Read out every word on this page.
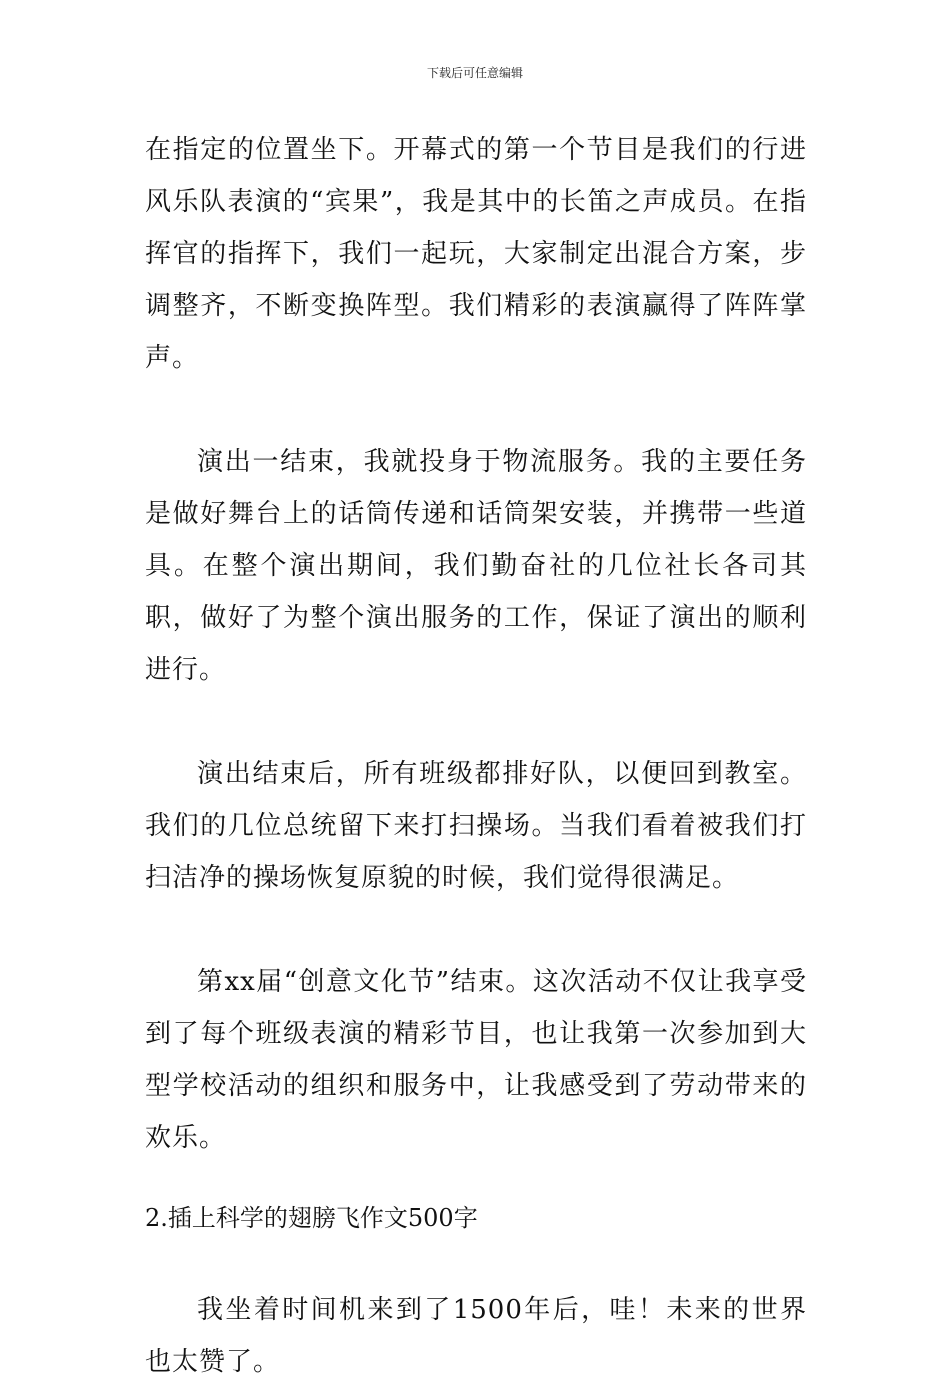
下载后可任意编辑

在指定的位置坐下。开幕式的第一个节目是我们的行进风乐队表演的“宾果”，我是其中的长笛之声成员。在指挥官的指挥下，我们一起玩，大家制定出混合方案，步调整齐，不断变换阵型。我们精彩的表演赢得了阵阵掌声。

演出一结束，我就投身于物流服务。我的主要任务是做好舞台上的话筒传递和话筒架安装，并携带一些道具。在整个演出期间，我们勤奋社的几位社长各司其职，做好了为整个演出服务的工作，保证了演出的顺利进行。

演出结束后，所有班级都排好队，以便回到教室。我们的几位总统留下来打扫操场。当我们看着被我们打扫洁净的操场恢复原貌的时候，我们觉得很满足。

第xx届“创意文化节”结束。这次活动不仅让我享受到了每个班级表演的精彩节目，也让我第一次参加到大型学校活动的组织和服务中，让我感受到了劳动带来的欢乐。

2.插上科学的翅膀飞作文500字

我坐着时间机来到了1500年后，哇！未来的世界也太赞了。
